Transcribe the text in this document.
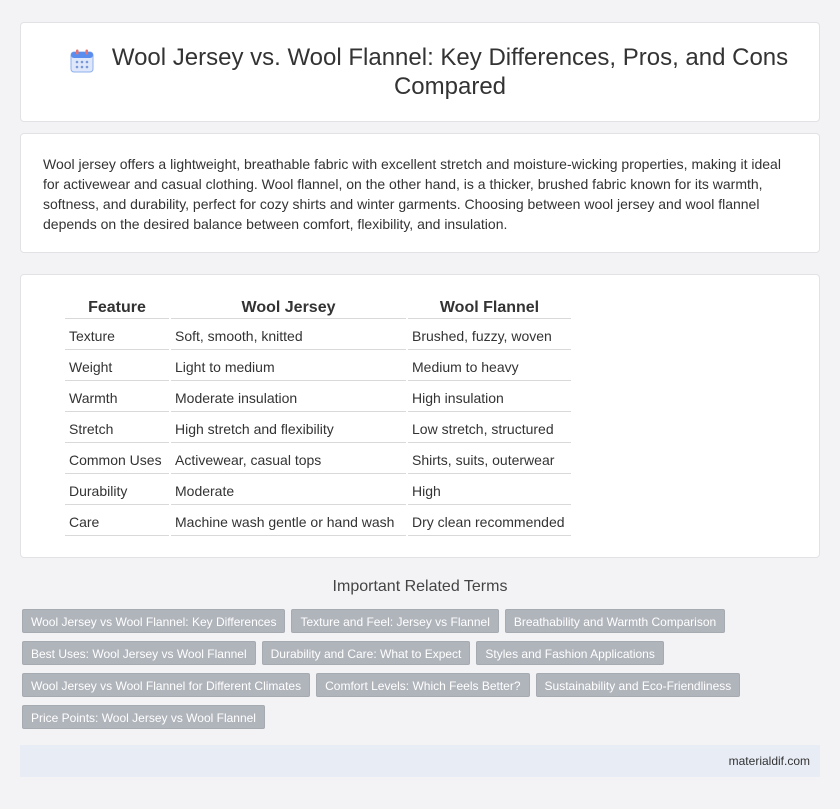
Wool Jersey vs. Wool Flannel: Key Differences, Pros, and Cons Compared

Wool jersey offers a lightweight, breathable fabric with excellent stretch and moisture-wicking properties, making it ideal for activewear and casual clothing. Wool flannel, on the other hand, is a thicker, brushed fabric known for its warmth, softness, and durability, perfect for cozy shirts and winter garments. Choosing between wool jersey and wool flannel depends on the desired balance between comfort, flexibility, and insulation.

Feature	Wool Jersey	Wool Flannel
Texture	Soft, smooth, knitted	Brushed, fuzzy, woven
Weight	Light to medium	Medium to heavy
Warmth	Moderate insulation	High insulation
Stretch	High stretch and flexibility	Low stretch, structured
Common Uses	Activewear, casual tops	Shirts, suits, outerwear
Durability	Moderate	High
Care	Machine wash gentle or hand wash	Dry clean recommended
Important Related Terms
Wool Jersey vs Wool Flannel: Key Differences	Texture and Feel: Jersey vs Flannel	Breathability and Warmth Comparison
Best Uses: Wool Jersey vs Wool Flannel	Durability and Care: What to Expect	Styles and Fashion Applications
Wool Jersey vs Wool Flannel for Different Climates	Comfort Levels: Which Feels Better?	Sustainability and Eco-Friendliness
Price Points: Wool Jersey vs Wool Flannel
materialdif.com
